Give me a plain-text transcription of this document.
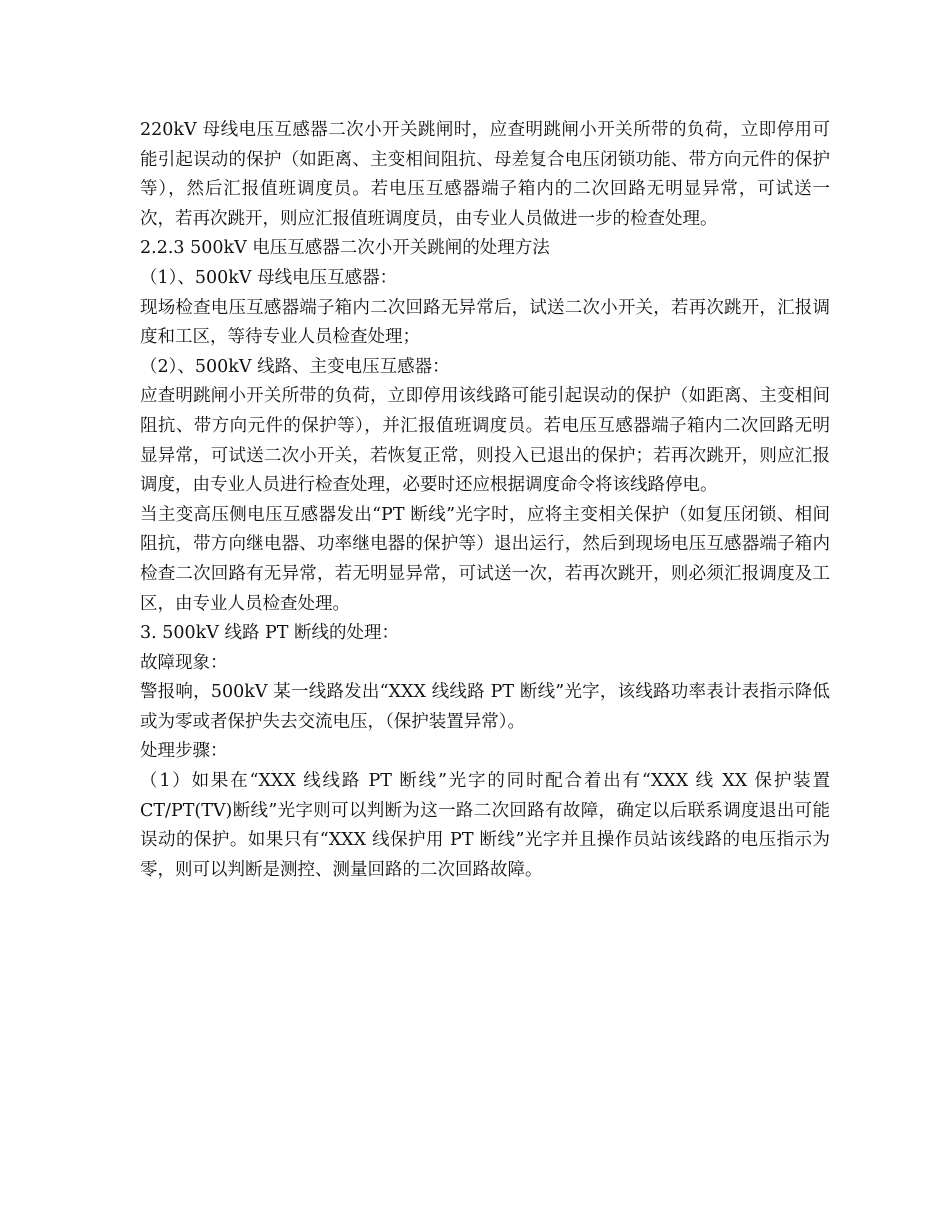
220kV 母线电压互感器二次小开关跳闸时，应查明跳闸小开关所带的负荷，立即停用可能引起误动的保护（如距离、主变相间阻抗、母差复合电压闭锁功能、带方向元件的保护等），然后汇报值班调度员。若电压互感器端子箱内的二次回路无明显异常，可试送一次，若再次跳开，则应汇报值班调度员，由专业人员做进一步的检查处理。

2.2.3 500kV 电压互感器二次小开关跳闸的处理方法

（1）、500kV 母线电压互感器：

现场检查电压互感器端子箱内二次回路无异常后，试送二次小开关，若再次跳开，汇报调度和工区，等待专业人员检查处理；

（2）、500kV 线路、主变电压互感器：

应查明跳闸小开关所带的负荷，立即停用该线路可能引起误动的保护（如距离、主变相间阻抗、带方向元件的保护等），并汇报值班调度员。若电压互感器端子箱内二次回路无明显异常，可试送二次小开关，若恢复正常，则投入已退出的保护；若再次跳开，则应汇报调度，由专业人员进行检查处理，必要时还应根据调度命令将该线路停电。

当主变高压侧电压互感器发出“PT 断线”光字时，应将主变相关保护（如复压闭锁、相间阻抗，带方向继电器、功率继电器的保护等）退出运行，然后到现场电压互感器端子箱内检查二次回路有无异常，若无明显异常，可试送一次，若再次跳开，则必须汇报调度及工区，由专业人员检查处理。

3. 500kV 线路 PT 断线的处理：

故障现象：

警报响，500kV 某一线路发出“XXX 线线路 PT 断线”光字，该线路功率表计表指示降低或为零或者保护失去交流电压，（保护装置异常）。

处理步骤：

（1）如果在“XXX 线线路 PT 断线”光字的同时配合着出有“XXX 线 XX 保护装置 CT/PT(TV)断线”光字则可以判断为这一路二次回路有故障，确定以后联系调度退出可能误动的保护。如果只有“XXX 线保护用 PT 断线”光字并且操作员站该线路的电压指示为零，则可以判断是测控、测量回路的二次回路故障。
